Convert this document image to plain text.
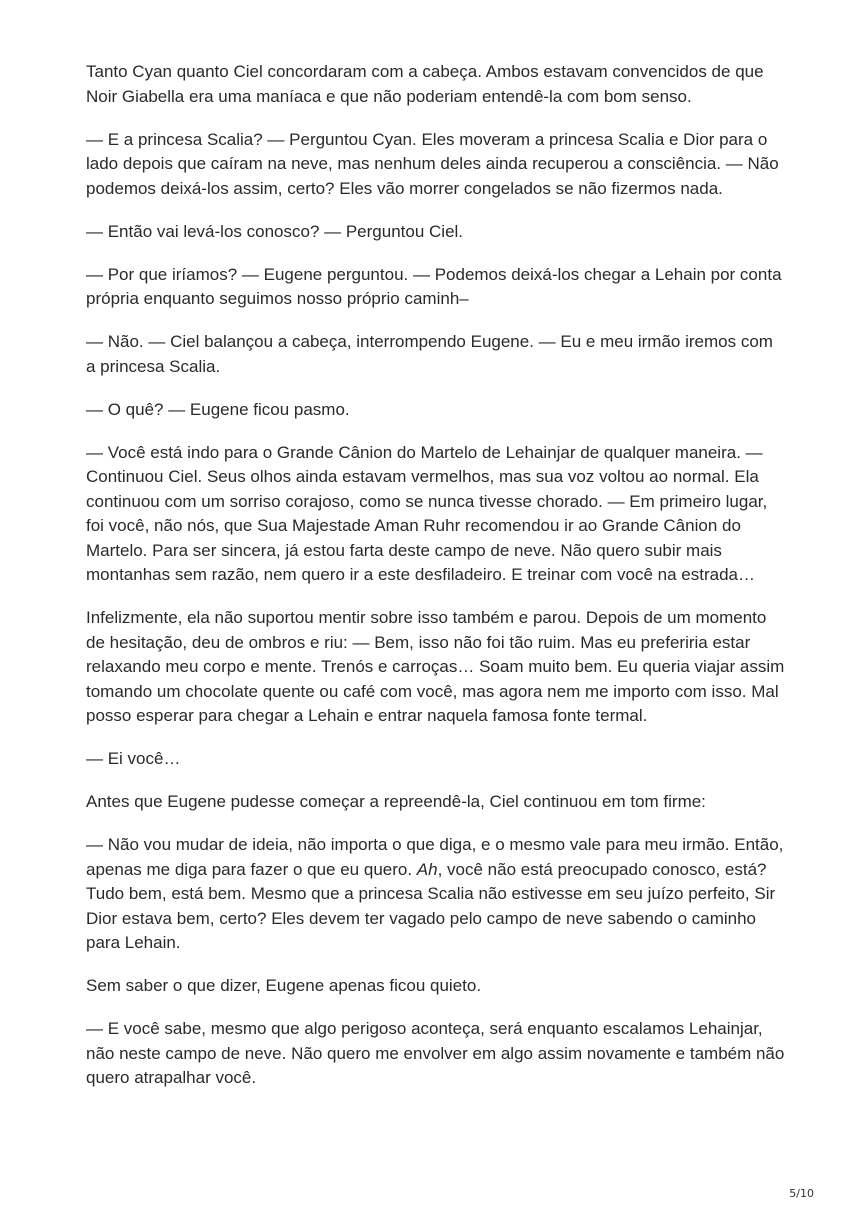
Tanto Cyan quanto Ciel concordaram com a cabeça. Ambos estavam convencidos de que Noir Giabella era uma maníaca e que não poderiam entendê-la com bom senso.

— E a princesa Scalia? — Perguntou Cyan. Eles moveram a princesa Scalia e Dior para o lado depois que caíram na neve, mas nenhum deles ainda recuperou a consciência. — Não podemos deixá-los assim, certo? Eles vão morrer congelados se não fizermos nada.

— Então vai levá-los conosco? — Perguntou Ciel.

— Por que iríamos? — Eugene perguntou. — Podemos deixá-los chegar a Lehain por conta própria enquanto seguimos nosso próprio caminh–

— Não. — Ciel balançou a cabeça, interrompendo Eugene. — Eu e meu irmão iremos com a princesa Scalia.

— O quê? — Eugene ficou pasmo.

— Você está indo para o Grande Cânion do Martelo de Lehainjar de qualquer maneira. — Continuou Ciel. Seus olhos ainda estavam vermelhos, mas sua voz voltou ao normal. Ela continuou com um sorriso corajoso, como se nunca tivesse chorado. — Em primeiro lugar, foi você, não nós, que Sua Majestade Aman Ruhr recomendou ir ao Grande Cânion do Martelo. Para ser sincera, já estou farta deste campo de neve. Não quero subir mais montanhas sem razão, nem quero ir a este desfiladeiro. E treinar com você na estrada…

Infelizmente, ela não suportou mentir sobre isso também e parou. Depois de um momento de hesitação, deu de ombros e riu: — Bem, isso não foi tão ruim. Mas eu preferiria estar relaxando meu corpo e mente. Trenós e carroças… Soam muito bem. Eu queria viajar assim tomando um chocolate quente ou café com você, mas agora nem me importo com isso. Mal posso esperar para chegar a Lehain e entrar naquela famosa fonte termal.

— Ei você…

Antes que Eugene pudesse começar a repreendê-la, Ciel continuou em tom firme:

— Não vou mudar de ideia, não importa o que diga, e o mesmo vale para meu irmão. Então, apenas me diga para fazer o que eu quero. Ah, você não está preocupado conosco, está? Tudo bem, está bem. Mesmo que a princesa Scalia não estivesse em seu juízo perfeito, Sir Dior estava bem, certo? Eles devem ter vagado pelo campo de neve sabendo o caminho para Lehain.

Sem saber o que dizer, Eugene apenas ficou quieto.

— E você sabe, mesmo que algo perigoso aconteça, será enquanto escalamos Lehainjar, não neste campo de neve. Não quero me envolver em algo assim novamente e também não quero atrapalhar você.

5/10
